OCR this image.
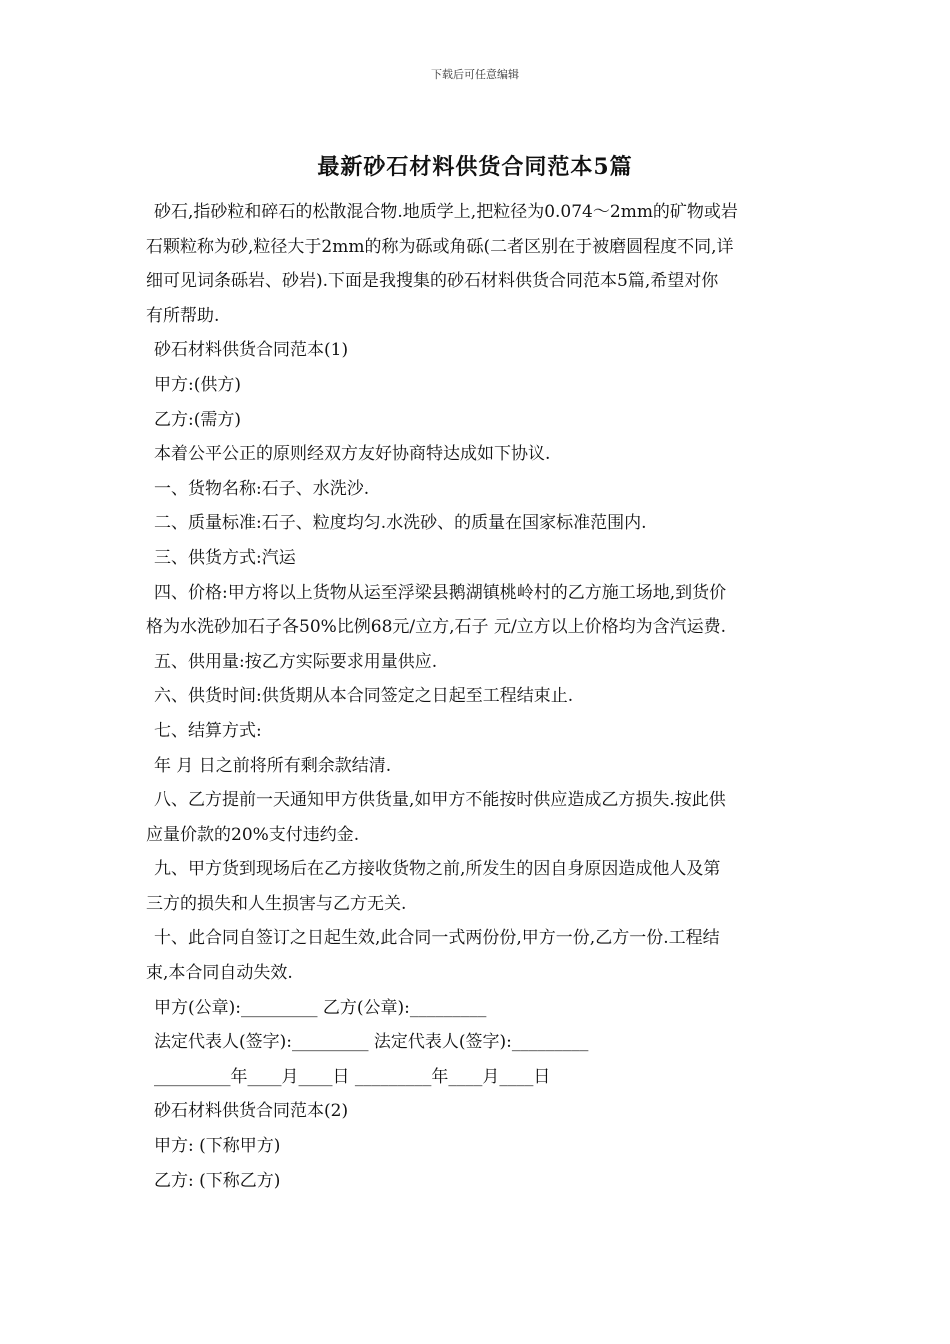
下载后可任意编辑
最新砂石材料供货合同范本5篇
砂石,指砂粒和碎石的松散混合物.地质学上,把粒径为0.074～2mm的矿物或岩
石颗粒称为砂,粒径大于2mm的称为砾或角砾(二者区别在于被磨圆程度不同,详
细可见词条砾岩、砂岩).下面是我搜集的砂石材料供货合同范本5篇,希望对你
有所帮助.
砂石材料供货合同范本(1)
甲方:(供方)
乙方:(需方)
本着公平公正的原则经双方友好协商特达成如下协议.
一、货物名称:石子、水洗沙.
二、质量标准:石子、粒度均匀.水洗砂、的质量在国家标准范围内.
三、供货方式:汽运
四、价格:甲方将以上货物从运至浮梁县鹅湖镇桃岭村的乙方施工场地,到货价
格为水洗砂加石子各50%比例68元/立方,石子 元/立方以上价格均为含汽运费.
五、供用量:按乙方实际要求用量供应.
六、供货时间:供货期从本合同签定之日起至工程结束止.
七、结算方式:
年 月 日之前将所有剩余款结清.
八、乙方提前一天通知甲方供货量,如甲方不能按时供应造成乙方损失.按此供
应量价款的20%支付违约金.
九、甲方货到现场后在乙方接收货物之前,所发生的因自身原因造成他人及第
三方的损失和人生损害与乙方无关.
十、此合同自签订之日起生效,此合同一式两份份,甲方一份,乙方一份.工程结
束,本合同自动失效.
甲方(公章):_________ 乙方(公章):_________
法定代表人(签字):_________ 法定代表人(签字):_________
_________年____月____日 _________年____月____日
砂石材料供货合同范本(2)
甲方: (下称甲方)
乙方: (下称乙方)
